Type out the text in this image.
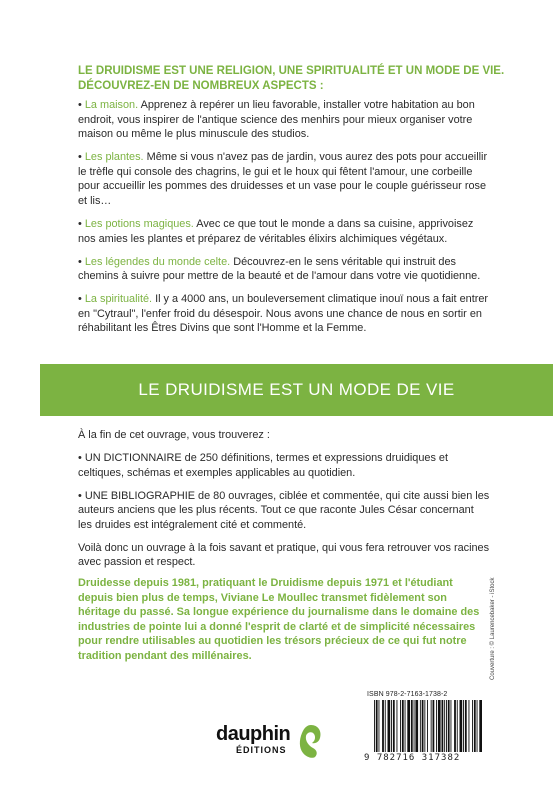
LE DRUIDISME EST UNE RELIGION, UNE SPIRITUALITÉ ET UN MODE DE VIE.
DÉCOUVREZ-EN DE NOMBREUX ASPECTS :
• La maison. Apprenez à repérer un lieu favorable, installer votre habitation au bon endroit, vous inspirer de l'antique science des menhirs pour mieux organiser votre maison ou même le plus minuscule des studios.
• Les plantes. Même si vous n'avez pas de jardin, vous aurez des pots pour accueillir le trèfle qui console des chagrins, le gui et le houx qui fêtent l'amour, une corbeille pour accueillir les pommes des druidesses et un vase pour le couple guérisseur rose et lis…
• Les potions magiques. Avec ce que tout le monde a dans sa cuisine, apprivoisez nos amies les plantes et préparez de véritables élixirs alchimiques végétaux.
• Les légendes du monde celte. Découvrez-en le sens véritable qui instruit des chemins à suivre pour mettre de la beauté et de l'amour dans votre vie quotidienne.
• La spiritualité. Il y a 4000 ans, un bouleversement climatique inouï nous a fait entrer en "Cytraul", l'enfer froid du désespoir. Nous avons une chance de nous en sortir en réhabilitant les Êtres Divins que sont l'Homme et la Femme.
LE DRUIDISME EST UN MODE DE VIE

À la fin de cet ouvrage, vous trouverez :

• UN DICTIONNAIRE de 250 définitions, termes et expressions druidiques et celtiques, schémas et exemples applicables au quotidien.

• UNE BIBLIOGRAPHIE de 80 ouvrages, ciblée et commentée, qui cite aussi bien les auteurs anciens que les plus récents. Tout ce que raconte Jules César concernant les druides est intégralement cité et commenté.

Voilà donc un ouvrage à la fois savant et pratique, qui vous fera retrouver vos racines avec passion et respect.

Druidesse depuis 1981, pratiquant le Druidisme depuis 1971 et l'étudiant depuis bien plus de temps, Viviane Le Moullec transmet fidèlement son héritage du passé. Sa longue expérience du journalisme dans le domaine des industries de pointe lui a donné l'esprit de clarté et de simplicité nécessaires pour rendre utilisables au quotidien les trésors précieux de ce qui fut notre tradition pendant des millénaires.
ISBN 978-2-7163-1738-2
9 782716 317382
Couverture : © Laurencebaker - iStock
dauphin
ÉDITIONS
